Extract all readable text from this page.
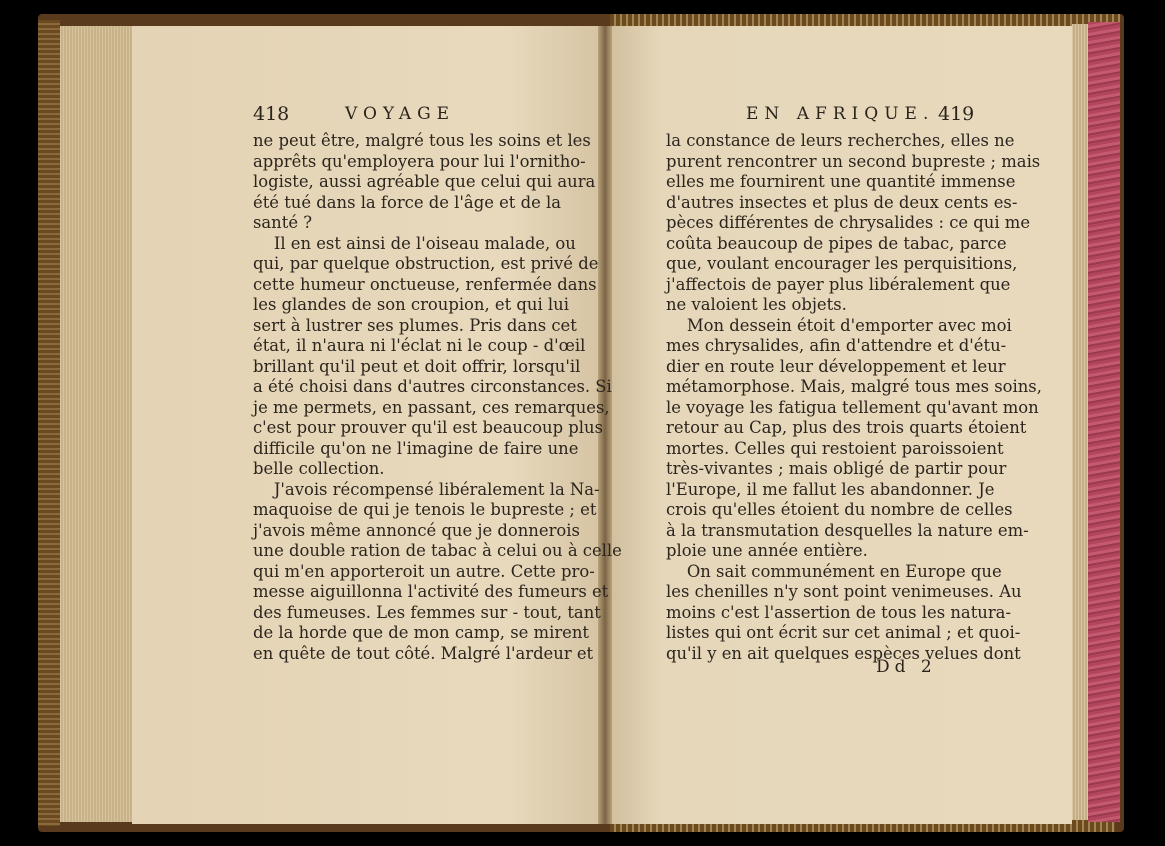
418	VOYAGE	EN AFRIQUE. 419
ne peut être, malgré tous les soins et les
apprêts qu'employera pour lui l'ornitho-
logiste, aussi agréable que celui qui aura
été tué dans la force de l'âge et de la
santé ?
Il en est ainsi de l'oiseau malade, ou
qui, par quelque obstruction, est privé de
cette humeur onctueuse, renfermée dans
les glandes de son croupion, et qui lui
sert à lustrer ses plumes. Pris dans cet
état, il n'aura ni l'éclat ni le coup - d'œil
brillant qu'il peut et doit offrir, lorsqu'il
a été choisi dans d'autres circonstances. Si
je me permets, en passant, ces remarques,
c'est pour prouver qu'il est beaucoup plus
difficile qu'on ne l'imagine de faire une
belle collection.
J'avois récompensé libéralement la Na-
maquoise de qui je tenois le bupreste ; et
j'avois même annoncé que je donnerois
une double ration de tabac à celui ou à celle
qui m'en apporteroit un autre. Cette pro-
messe aiguillonna l'activité des fumeurs et
des fumeuses. Les femmes sur - tout, tant
de la horde que de mon camp, se mirent
en quête de tout côté. Malgré l'ardeur et
la constance de leurs recherches, elles ne
purent rencontrer un second bupreste ; mais
elles me fournirent une quantité immense
d'autres insectes et plus de deux cents es-
pèces différentes de chrysalides : ce qui me
coûta beaucoup de pipes de tabac, parce
que, voulant encourager les perquisitions,
j'affectois de payer plus libéralement que
ne valoient les objets.
Mon dessein étoit d'emporter avec moi
mes chrysalides, afin d'attendre et d'étu-
dier en route leur développement et leur
métamorphose. Mais, malgré tous mes soins,
le voyage les fatigua tellement qu'avant mon
retour au Cap, plus des trois quarts étoient
mortes. Celles qui restoient paroissoient
très-vivantes ; mais obligé de partir pour
l'Europe, il me fallut les abandonner. Je
crois qu'elles étoient du nombre de celles
à la transmutation desquelles la nature em-
ploie une année entière.
On sait communément en Europe que
les chenilles n'y sont point venimeuses. Au
moins c'est l'assertion de tous les natura-
listes qui ont écrit sur cet animal ; et quoi-
qu'il y en ait quelques espèces velues dont
Dd 2
